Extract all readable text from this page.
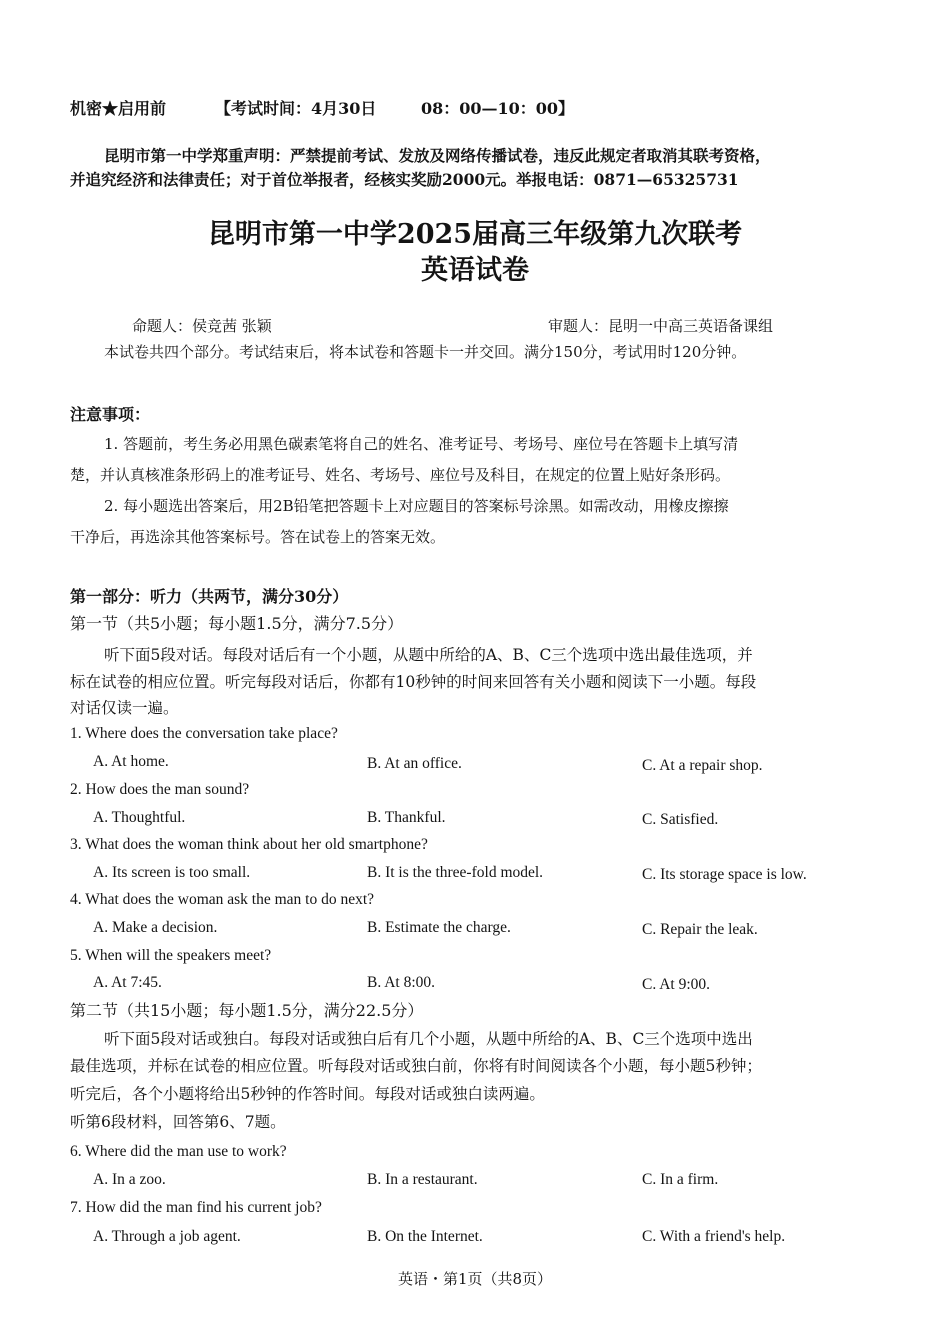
机密★启用前	【考试时间：4月30日        08：00—10：00】
昆明市第一中学郑重声明：严禁提前考试、发放及网络传播试卷，违反此规定者取消其联考资格，
并追究经济和法律责任；对于首位举报者，经核实奖励2000元。举报电话：0871—65325731
昆明市第一中学2025届高三年级第九次联考
英语试卷
命题人：侯竞茜 张颖	审题人：昆明一中高三英语备课组
本试卷共四个部分。考试结束后，将本试卷和答题卡一并交回。满分150分，考试用时120分钟。
注意事项：
1. 答题前，考生务必用黑色碳素笔将自己的姓名、准考证号、考场号、座位号在答题卡上填写清
楚，并认真核准条形码上的准考证号、姓名、考场号、座位号及科目，在规定的位置上贴好条形码。
2. 每小题选出答案后，用2B铅笔把答题卡上对应题目的答案标号涂黑。如需改动，用橡皮擦擦
干净后，再选涂其他答案标号。答在试卷上的答案无效。
第一部分：听力（共两节，满分30分）
第一节（共5小题；每小题1.5分，满分7.5分）
听下面5段对话。每段对话后有一个小题，从题中所给的A、B、C三个选项中选出最佳选项，并
标在试卷的相应位置。听完每段对话后，你都有10秒钟的时间来回答有关小题和阅读下一小题。每段
对话仅读一遍。
1. Where does the conversation take place?
A. At home.	B. At an office.	C. At a repair shop.
2. How does the man sound?
A. Thoughtful.	B. Thankful.	C. Satisfied.
3. What does the woman think about her old smartphone?
A. Its screen is too small.	B. It is the three-fold model.	C. Its storage space is low.
4. What does the woman ask the man to do next?
A. Make a decision.	B. Estimate the charge.	C. Repair the leak.
5. When will the speakers meet?
A. At 7:45.	B. At 8:00.	C. At 9:00.
第二节（共15小题；每小题1.5分，满分22.5分）
听下面5段对话或独白。每段对话或独白后有几个小题，从题中所给的A、B、C三个选项中选出
最佳选项，并标在试卷的相应位置。听每段对话或独白前，你将有时间阅读各个小题，每小题5秒钟；
听完后，各个小题将给出5秒钟的作答时间。每段对话或独白读两遍。
听第6段材料，回答第6、7题。
6. Where did the man use to work?
A. In a zoo.	B. In a restaurant.	C. In a firm.
7. How did the man find his current job?
A. Through a job agent.	B. On the Internet.	C. With a friend's help.
英语・第1页（共8页）
